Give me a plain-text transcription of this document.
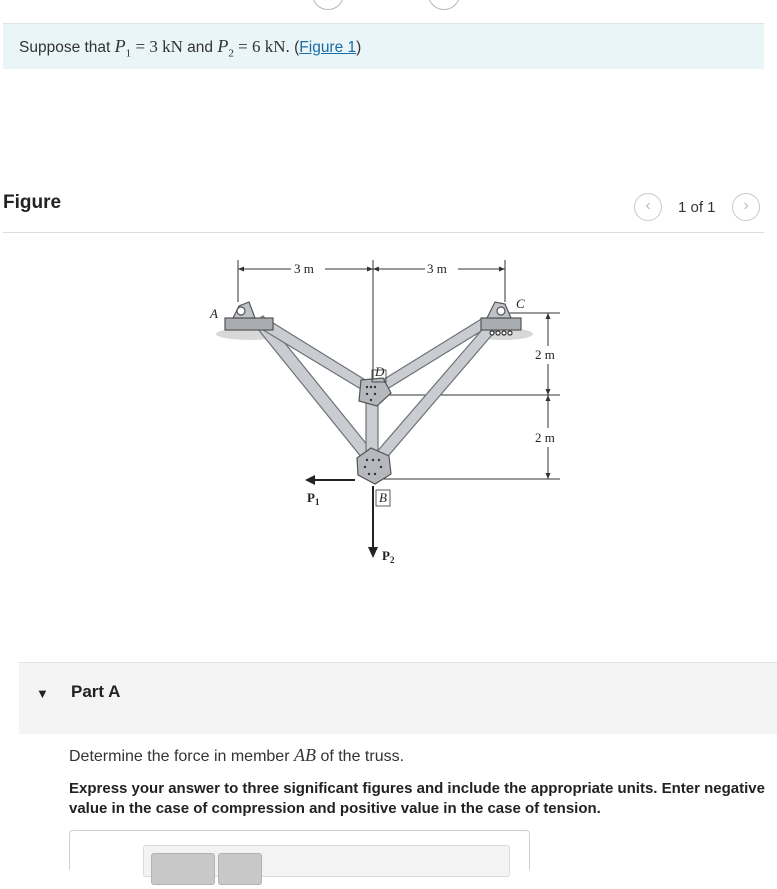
Suppose that $P_1 = 3$ kN and $P_2 = 6$ kN. (Figure 1)
Figure	‹	1 of 1	›
3 m	3 m
2 m
2 m
A
C
D
B
$P_1$
$P_2$
▼ Part A
Determine the force in member AB of the truss.
Express your answer to three significant figures and include the appropriate units. Enter negative value in the case of compression and positive value in the case of tension.
